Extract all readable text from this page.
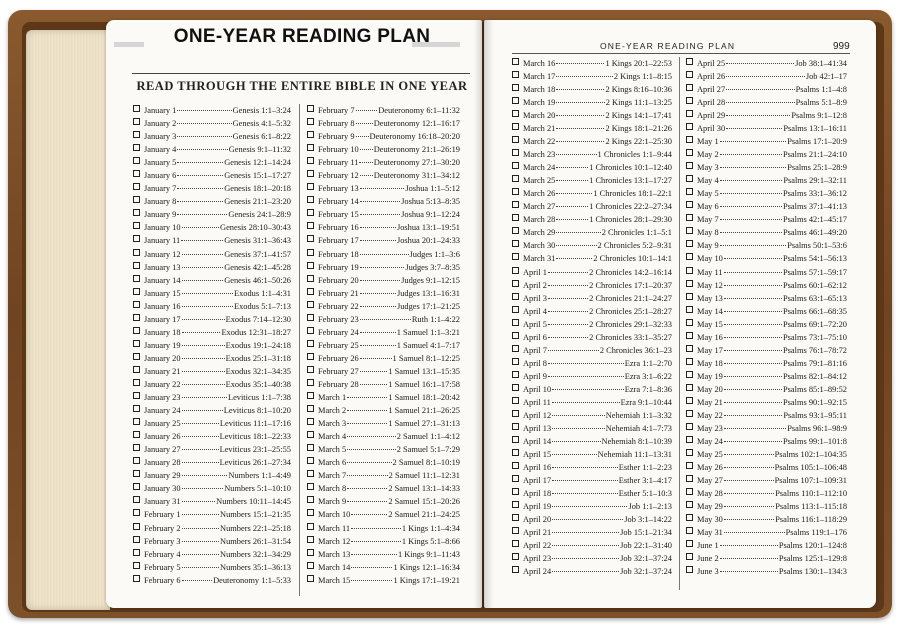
ONE-YEAR READING PLAN
READ THROUGH THE ENTIRE BIBLE IN ONE YEAR
ONE-YEAR READING PLAN	999
January 1	Genesis 1:1–3:24
January 2	Genesis 4:1–5:32
January 3	Genesis 6:1–8:22
January 4	Genesis 9:1–11:32
January 5	Genesis 12:1–14:24
January 6	Genesis 15:1–17:27
January 7	Genesis 18:1–20:18
January 8	Genesis 21:1–23:20
January 9	Genesis 24:1–28:9
January 10	Genesis 28:10–30:43
January 11	Genesis 31:1–36:43
January 12	Genesis 37:1–41:57
January 13	Genesis 42:1–45:28
January 14	Genesis 46:1–50:26
January 15	Exodus 1:1–4:31
January 16	Exodus 5:1–7:13
January 17	Exodus 7:14–12:30
January 18	Exodus 12:31–18:27
January 19	Exodus 19:1–24:18
January 20	Exodus 25:1–31:18
January 21	Exodus 32:1–34:35
January 22	Exodus 35:1–40:38
January 23	Leviticus 1:1–7:38
January 24	Leviticus 8:1–10:20
January 25	Leviticus 11:1–17:16
January 26	Leviticus 18:1–22:33
January 27	Leviticus 23:1–25:55
January 28	Leviticus 26:1–27:34
January 29	Numbers 1:1–4:49
January 30	Numbers 5:1–10:10
January 31	Numbers 10:11–14:45
February 1	Numbers 15:1–21:35
February 2	Numbers 22:1–25:18
February 3	Numbers 26:1–31:54
February 4	Numbers 32:1–34:29
February 5	Numbers 35:1–36:13
February 6	Deuteronomy 1:1–5:33
February 7	Deuteronomy 6:1–11:32
February 8 Deuteronomy 12:1–16:17
February 9 Deuteronomy 16:18–20:20
February 10 Deuteronomy 21:1–26:19
February 11 Deuteronomy 27:1–30:20
February 12 Deuteronomy 31:1–34:12
February 13	Joshua 1:1–5:12
February 14	Joshua 5:13–8:35
February 15	Joshua 9:1–12:24
February 16	Joshua 13:1–19:51
February 17	Joshua 20:1–24:33
February 18	Judges 1:1–3:6
February 19	Judges 3:7–8:35
February 20	Judges 9:1–12:15
February 21	Judges 13:1–16:31
February 22	Judges 17:1–21:25
February 23	Ruth 1:1–4:22
February 24	1 Samuel 1:1–3:21
February 25	1 Samuel 4:1–7:17
February 26	1 Samuel 8:1–12:25
February 27	1 Samuel 13:1–15:35
February 28	1 Samuel 16:1–17:58
March 1	1 Samuel 18:1–20:42
March 2	1 Samuel 21:1–26:25
March 3	1 Samuel 27:1–31:13
March 4	2 Samuel 1:1–4:12
March 5	2 Samuel 5:1–7:29
March 6	2 Samuel 8:1–10:19
March 7	2 Samuel 11:1–12:31
March 8	2 Samuel 13:1–14:33
March 9	2 Samuel 15:1–20:26
March 10	2 Samuel 21:1–24:25
March 11	1 Kings 1:1–4:34
March 12	1 Kings 5:1–8:66
March 13	1 Kings 9:1–11:43
March 14	1 Kings 12:1–16:34
March 15	1 Kings 17:1–19:21
March 16	1 Kings 20:1–22:53
March 17	2 Kings 1:1–8:15
March 18	2 Kings 8:16–10:36
March 19	2 Kings 11:1–13:25
March 20	2 Kings 14:1–17:41
March 21	2 Kings 18:1–21:26
March 22	2 Kings 22:1–25:30
March 23	1 Chronicles 1:1–9:44
March 24	1 Chronicles 10:1–12:40
March 25	1 Chronicles 13:1–17:27
March 26	1 Chronicles 18:1–22:1
March 27	1 Chronicles 22:2–27:34
March 28	1 Chronicles 28:1–29:30
March 29	2 Chronicles 1:1–5:1
March 30	2 Chronicles 5:2–9:31
March 31	2 Chronicles 10:1–14:1
April 1	2 Chronicles 14:2–16:14
April 2	2 Chronicles 17:1–20:37
April 3	2 Chronicles 21:1–24:27
April 4	2 Chronicles 25:1–28:27
April 5	2 Chronicles 29:1–32:33
April 6	2 Chronicles 33:1–35:27
April 7	2 Chronicles 36:1–23
April 8	Ezra 1:1–2:70
April 9	Ezra 3:1–6:22
April 10	Ezra 7:1–8:36
April 11	Ezra 9:1–10:44
April 12	Nehemiah 1:1–3:32
April 13	Nehemiah 4:1–7:73
April 14	Nehemiah 8:1–10:39
April 15	Nehemiah 11:1–13:31
April 16	Esther 1:1–2:23
April 17	Esther 3:1–4:17
April 18	Esther 5:1–10:3
April 19	Job 1:1–2:13
April 20	Job 3:1–14:22
April 21	Job 15:1–21:34
April 22	Job 22:1–31:40
April 23	Job 32:1–37:24
April 24	Job 32:1–37:24
April 25	Job 38:1–41:34
April 26	Job 42:1–17
April 27	Psalms 1:1–4:8
April 28	Psalms 5:1–8:9
April 29	Psalms 9:1–12:8
April 30	Psalms 13:1–16:11
May 1	Psalms 17:1–20:9
May 2	Psalms 21:1–24:10
May 3	Psalms 25:1–28:9
May 4	Psalms 29:1–32:11
May 5	Psalms 33:1–36:12
May 6	Psalms 37:1–41:13
May 7	Psalms 42:1–45:17
May 8	Psalms 46:1–49:20
May 9	Psalms 50:1–53:6
May 10	Psalms 54:1–56:13
May 11	Psalms 57:1–59:17
May 12	Psalms 60:1–62:12
May 13	Psalms 63:1–65:13
May 14	Psalms 66:1–68:35
May 15	Psalms 69:1–72:20
May 16	Psalms 73:1–75:10
May 17	Psalms 76:1–78:72
May 18	Psalms 79:1–81:16
May 19	Psalms 82:1–84:12
May 20	Psalms 85:1–89:52
May 21	Psalms 90:1–92:15
May 22	Psalms 93:1–95:11
May 23	Psalms 96:1–98:9
May 24	Psalms 99:1–101:8
May 25	Psalms 102:1–104:35
May 26	Psalms 105:1–106:48
May 27	Psalms 107:1–109:31
May 28	Psalms 110:1–112:10
May 29	Psalms 113:1–115:18
May 30	Psalms 116:1–118:29
May 31	Psalms 119:1–176
June 1	Psalms 120:1–124:8
June 2	Psalms 125:1–129:8
June 3	Psalms 130:1–134:3
